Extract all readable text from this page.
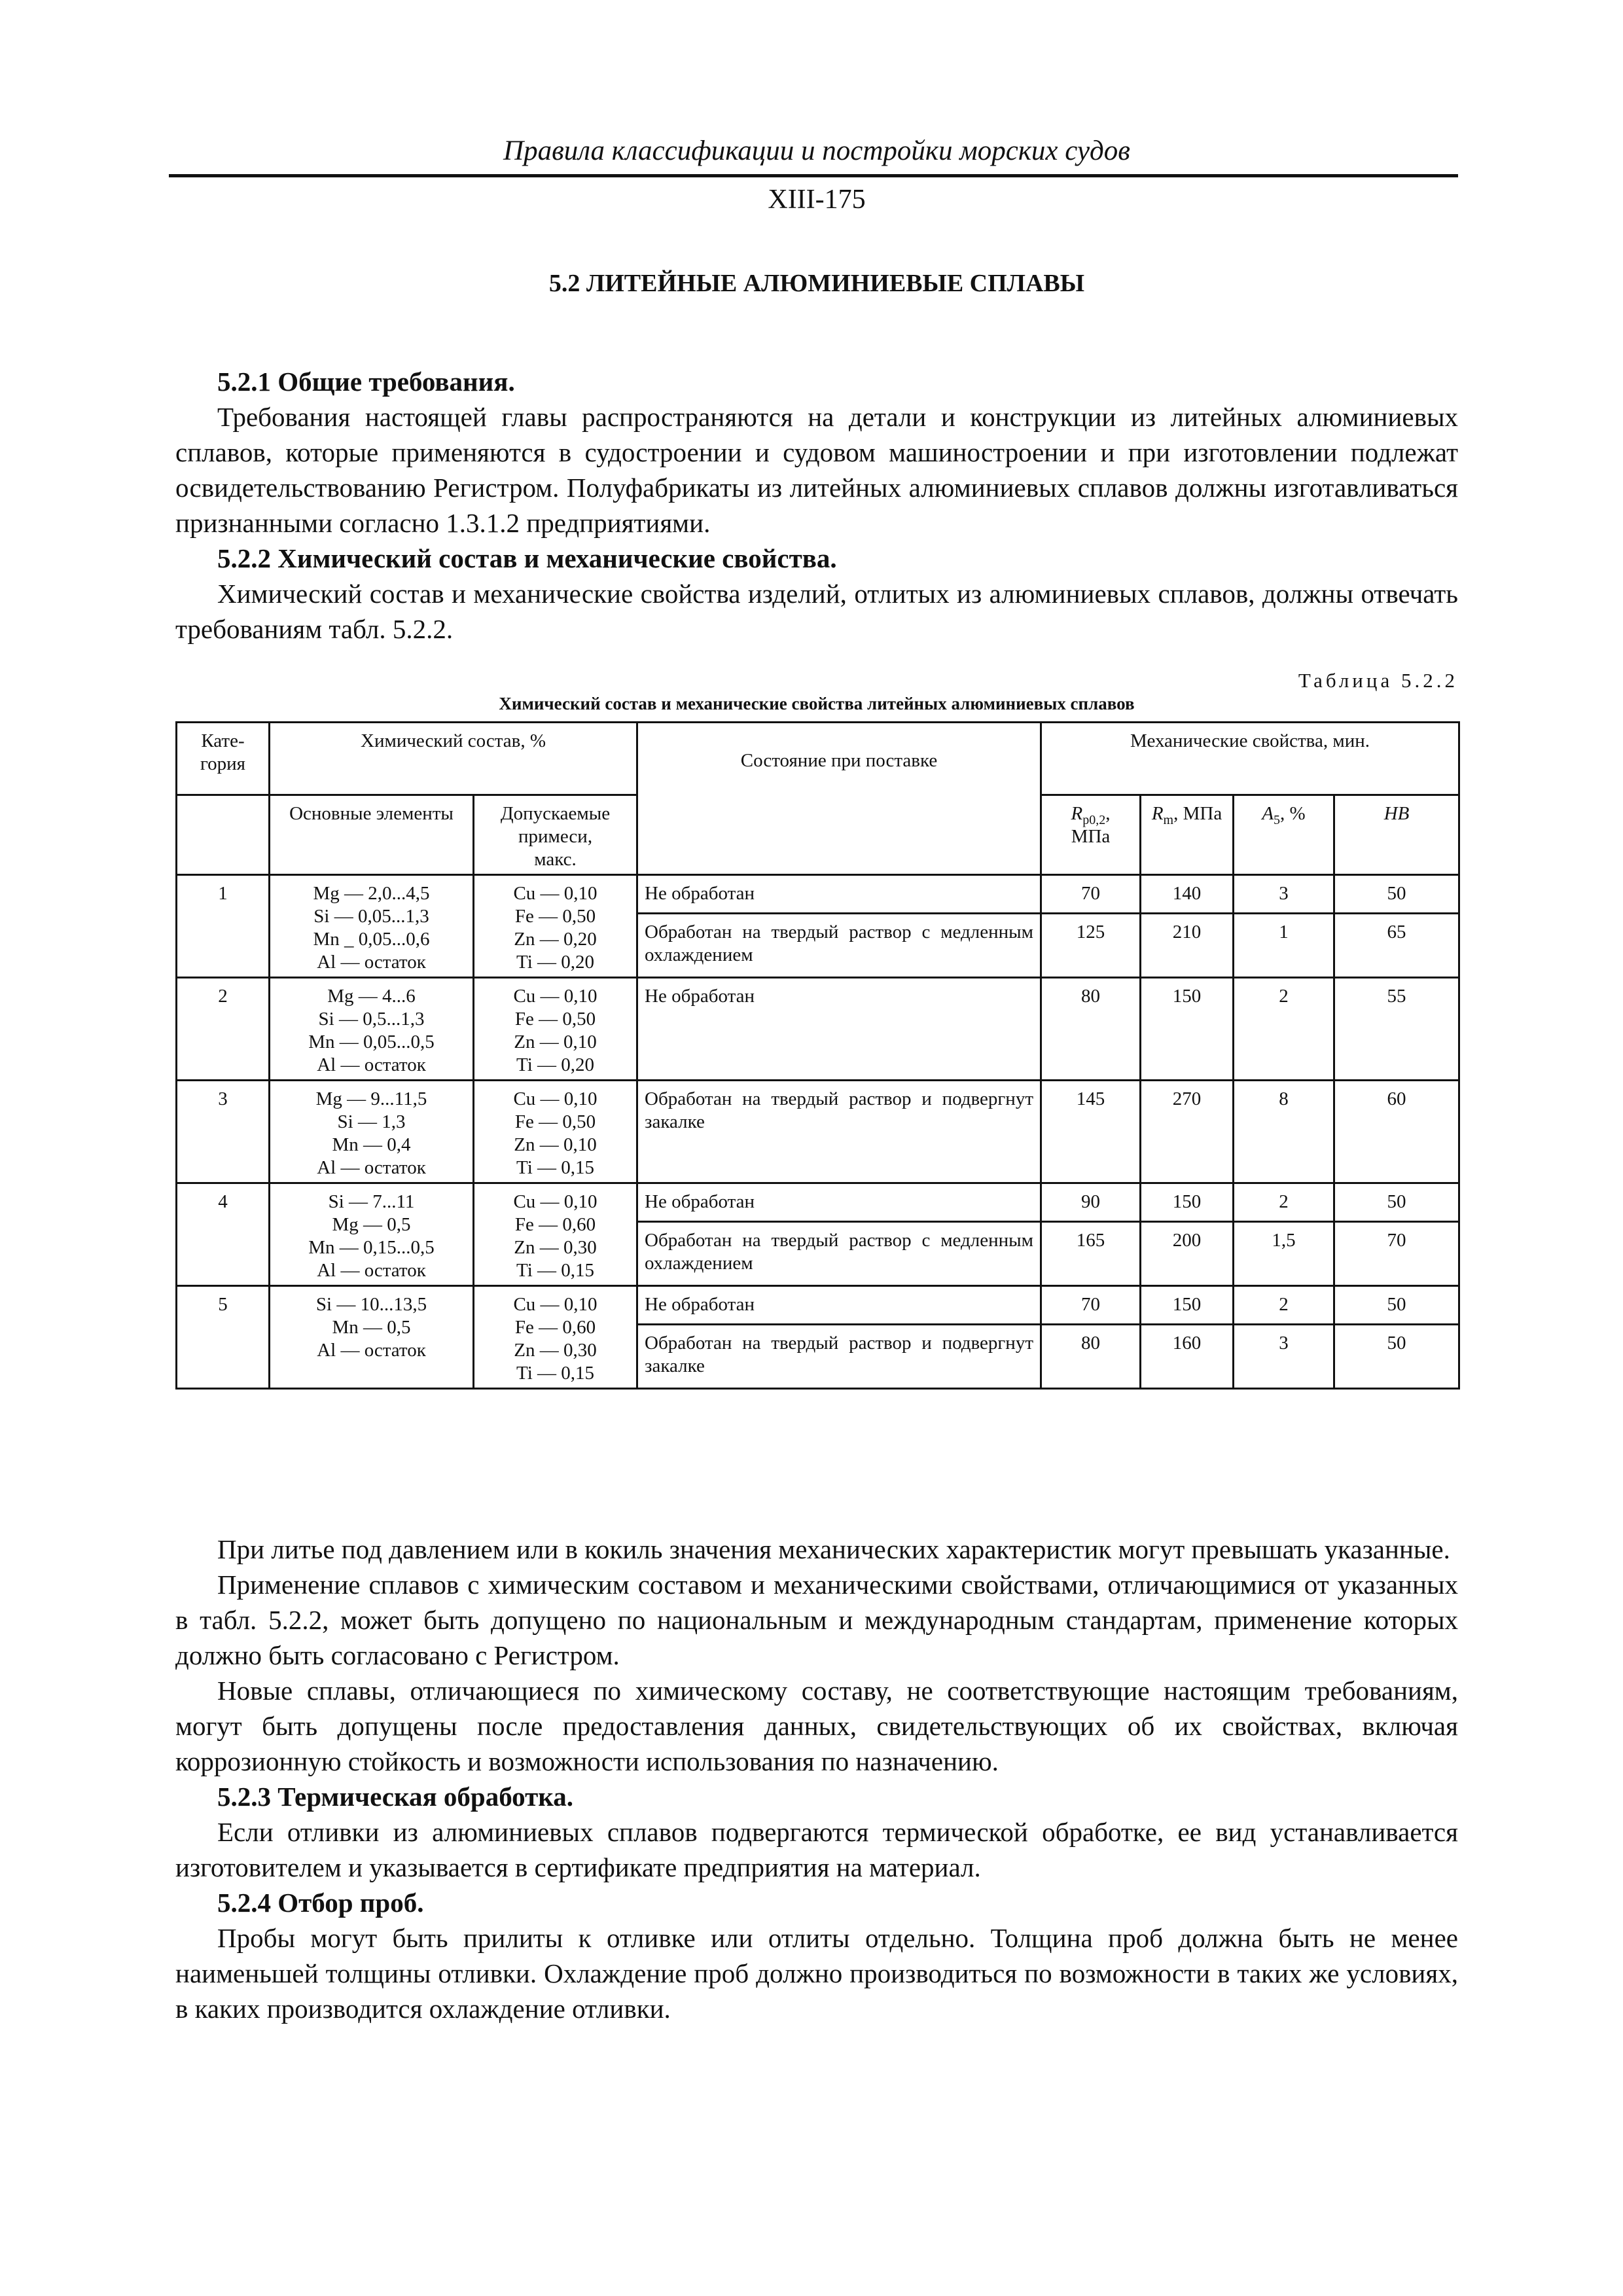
Правила классификации и постройки морских судов
XIII-175
5.2 ЛИТЕЙНЫЕ АЛЮМИНИЕВЫЕ СПЛАВЫ

5.2.1 Общие требования.

Требования настоящей главы распространяются на детали и конструкции из литейных алюминиевых сплавов, которые применяются в судостроении и судовом машиностроении и при изготовлении подлежат освидетельствованию Регистром. Полуфабрикаты из литейных алюминиевых сплавов должны изготавливаться признанными согласно 1.3.1.2 предприятиями.

5.2.2 Химический состав и механические свойства.

Химический состав и механические свойства изделий, отлитых из алюминиевых сплавов, должны отвечать требованиям табл. 5.2.2.

Таблица 5.2.2
Химический состав и механические свойства литейных алюминиевых сплавов
Кате-
гория	Химический состав, %		Состояние при поставке	Механические свойства, мин.			
	Основные элементы	Допускаемые
примеси,
макс.		$R_{p0,2}$,
МПа	$R_m$, МПа	$A_5$, %	HB

1	Mg — 2,0...4,5
Si — 0,05...1,3
Mn _ 0,05...0,6
Al — остаток	Cu — 0,10
Fe — 0,50
Zn — 0,20
Ti — 0,20	Не обработан	70	140	3	50
			Обработан на твердый раствор с медленным охлаждением	125	210	1	65
2	Mg — 4...6
Si — 0,5...1,3
Mn — 0,05...0,5
Al — остаток	Cu — 0,10
Fe — 0,50
Zn — 0,10
Ti — 0,20	Не обработан	80	150	2	55
3	Mg — 9...11,5
Si — 1,3
Mn — 0,4
Al — остаток	Cu — 0,10
Fe — 0,50
Zn — 0,10
Ti — 0,15	Обработан на твердый раствор и подвергнут закалке	145	270	8	60
4	Si — 7...11
Mg — 0,5
Mn — 0,15...0,5
Al — остаток	Cu — 0,10
Fe — 0,60
Zn — 0,30
Ti — 0,15	Не обработан	90	150	2	50
			Обработан на твердый раствор с медленным охлаждением	165	200	1,5	70
5	Si — 10...13,5
Mn — 0,5
Al — остаток	Cu — 0,10
Fe — 0,60
Zn — 0,30
Ti — 0,15	Не обработан	70	150	2	50
			Обработан на твердый раствор и подвергнут закалке	80	160	3	50

При литье под давлением или в кокиль значения механических характеристик могут превышать указанные.

Применение сплавов с химическим составом и механическими свойствами, отличающимися от указанных в табл. 5.2.2, может быть допущено по национальным и международным стандартам, применение которых должно быть согласовано с Регистром.

Новые сплавы, отличающиеся по химическому составу, не соответствующие настоящим требованиям, могут быть допущены после предоставления данных, свидетельствующих об их свойствах, включая коррозионную стойкость и возможности использования по назначению.

5.2.3 Термическая обработка.

Если отливки из алюминиевых сплавов подвергаются термической обработке, ее вид устанавливается изготовителем и указывается в сертификате предприятия на материал.

5.2.4 Отбор проб.

Пробы могут быть прилиты к отливке или отлиты отдельно. Толщина проб должна быть не менее наименьшей толщины отливки. Охлаждение проб должно производиться по возможности в таких же условиях, в каких производится охлаждение отливки.
